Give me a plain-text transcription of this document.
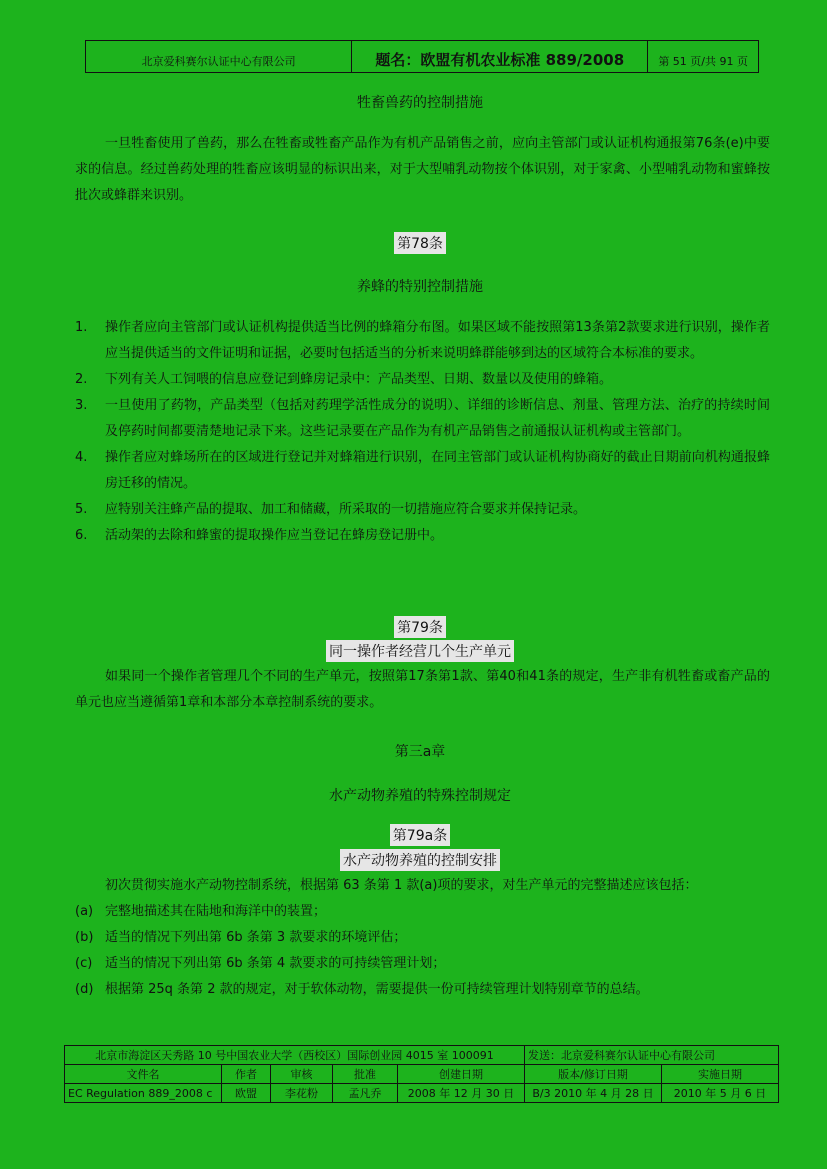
北京爱科赛尔认证中心有限公司	题名：欧盟有机农业标准 889/2008	第 51 页/共 91 页
牲畜兽药的控制措施
一旦牲畜使用了兽药，那么在牲畜或牲畜产品作为有机产品销售之前，应向主管部门或认证机构通报第76条(e)中要求的信息。经过兽药处理的牲畜应该明显的标识出来，对于大型哺乳动物按个体识别，对于家禽、小型哺乳动物和蜜蜂按批次或蜂群来识别。
第78条
养蜂的特别控制措施
1. 操作者应向主管部门或认证机构提供适当比例的蜂箱分布图。如果区域不能按照第13条第2款要求进行识别，操作者应当提供适当的文件证明和证据，必要时包括适当的分析来说明蜂群能够到达的区域符合本标准的要求。
2. 下列有关人工饲喂的信息应登记到蜂房记录中：产品类型、日期、数量以及使用的蜂箱。
3. 一旦使用了药物，产品类型（包括对药理学活性成分的说明）、详细的诊断信息、剂量、管理方法、治疗的持续时间及停药时间都要清楚地记录下来。这些记录要在产品作为有机产品销售之前通报认证机构或主管部门。
4. 操作者应对蜂场所在的区域进行登记并对蜂箱进行识别，在同主管部门或认证机构协商好的截止日期前向机构通报蜂房迁移的情况。
5. 应特别关注蜂产品的提取、加工和储藏，所采取的一切措施应符合要求并保持记录。
6. 活动架的去除和蜂蜜的提取操作应当登记在蜂房登记册中。
第79条
同一操作者经营几个生产单元
如果同一个操作者管理几个不同的生产单元，按照第17条第1款、第40和41条的规定，生产非有机牲畜或畜产品的单元也应当遵循第1章和本部分本章控制系统的要求。
第三a章
水产动物养殖的特殊控制规定
第79a条
水产动物养殖的控制安排
初次贯彻实施水产动物控制系统，根据第 63 条第 1 款(a)项的要求，对生产单元的完整描述应该包括：
(a) 完整地描述其在陆地和海洋中的装置；
(b) 适当的情况下列出第 6b 条第 3 款要求的环境评估；
(c) 适当的情况下列出第 6b 条第 4 款要求的可持续管理计划；
(d) 根据第 25q 条第 2 款的规定，对于软体动物，需要提供一份可持续管理计划特别章节的总结。
北京市海淀区天秀路 10 号中国农业大学（西校区）国际创业园 4015 室 100091					发送：北京爱科赛尔认证中心有限公司	
文件名	作者	审核	批准	创建日期	版本/修订日期	实施日期
EC Regulation 889_2008 c	欧盟	李花粉	孟凡乔	2008 年 12 月 30 日	B/3 2010 年 4 月 28 日	2010 年 5 月 6 日
